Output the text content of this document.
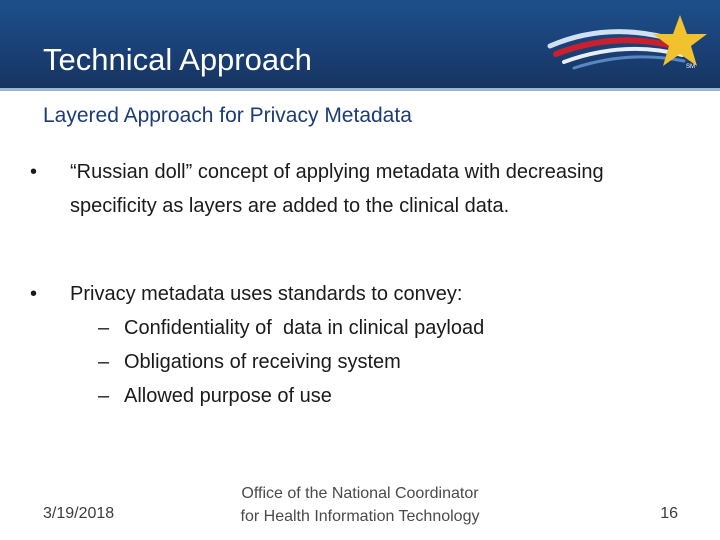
Technical Approach	SM
Layered Approach for Privacy Metadata
•	“Russian doll” concept of applying metadata with decreasing specificity as layers are added to the clinical data.
•	Privacy metadata uses standards to convey:
– Confidentiality of  data in clinical payload
– Obligations of receiving system
– Allowed purpose of use
3/19/2018
Office of the National Coordinator for Health Information Technology	16
